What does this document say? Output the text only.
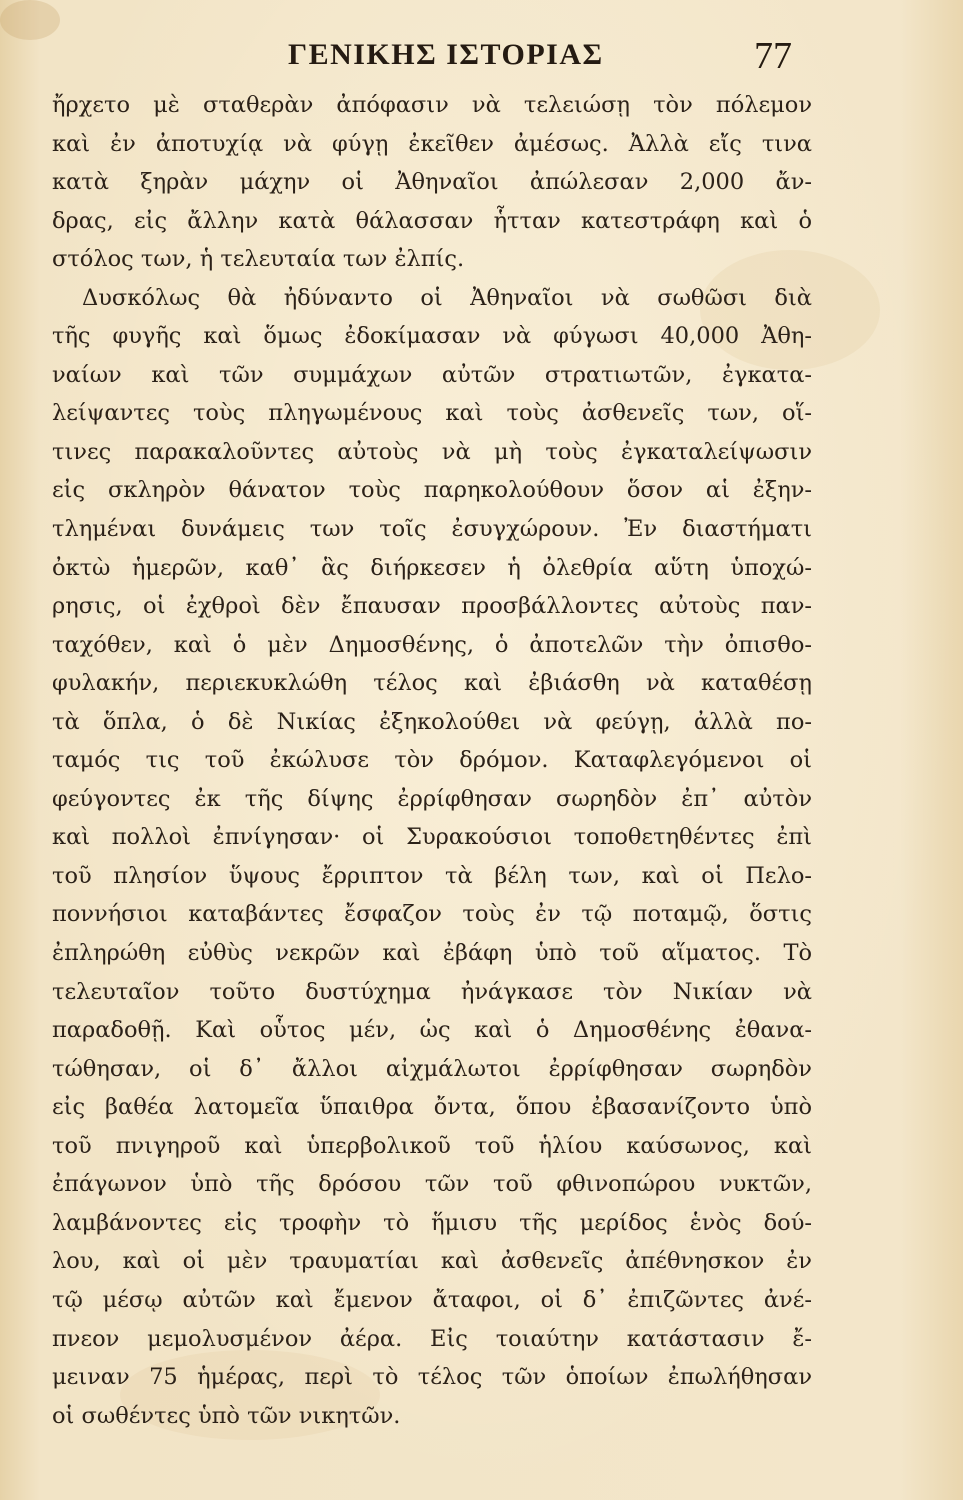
ΓΕΝΙΚΗΣ ΙΣΤΟΡΙΑΣ	77
ἤρχετο μὲ σταθερὰν ἀπόφασιν νὰ τελειώσῃ τὸν πόλεμον
καὶ ἐν ἀποτυχίᾳ νὰ φύγῃ ἐκεῖθεν ἀμέσως. Ἀλλὰ εἴς τινα
κατὰ ξηρὰν μάχην οἱ Ἀθηναῖοι ἀπώλεσαν 2,000 ἄν-
δρας, εἰς ἄλλην κατὰ θάλασσαν ἧτταν κατεστράφη καὶ ὁ
στόλος των, ἡ τελευταία των ἐλπίς.
Δυσκόλως θὰ ἠδύναντο οἱ Ἀθηναῖοι νὰ σωθῶσι διὰ
τῆς φυγῆς καὶ ὅμως ἐδοκίμασαν νὰ φύγωσι 40,000 Ἀθη-
ναίων καὶ τῶν συμμάχων αὐτῶν στρατιωτῶν, ἐγκατα-
λείψαντες τοὺς πληγωμένους καὶ τοὺς ἀσθενεῖς των, οἵ-
τινες παρακαλοῦντες αὐτοὺς νὰ μὴ τοὺς ἐγκαταλείψωσιν
εἰς σκληρὸν θάνατον τοὺς παρηκολούθουν ὅσον αἱ ἐξην-
τλημέναι δυνάμεις των τοῖς ἐσυγχώρουν. Ἐν διαστήματι
ὀκτὼ ἡμερῶν, καθ᾽ ἃς διήρκεσεν ἡ ὀλεθρία αὕτη ὑποχώ-
ρησις, οἱ ἐχθροὶ δὲν ἔπαυσαν προσβάλλοντες αὐτοὺς παν-
ταχόθεν, καὶ ὁ μὲν Δημοσθένης, ὁ ἀποτελῶν τὴν ὀπισθο-
φυλακήν, περιεκυκλώθη τέλος καὶ ἐβιάσθη νὰ καταθέσῃ
τὰ ὅπλα, ὁ δὲ Νικίας ἐξηκολούθει νὰ φεύγῃ, ἀλλὰ πο-
ταμός τις τοῦ ἐκώλυσε τὸν δρόμον. Καταφλεγόμενοι οἱ
φεύγοντες ἐκ τῆς δίψης ἐρρίφθησαν σωρηδὸν ἐπ᾽ αὐτὸν
καὶ πολλοὶ ἐπνίγησαν· οἱ Συρακούσιοι τοποθετηθέντες ἐπὶ
τοῦ πλησίον ὕψους ἔρριπτον τὰ βέλη των, καὶ οἱ Πελο-
ποννήσιοι καταβάντες ἔσφαζον τοὺς ἐν τῷ ποταμῷ, ὅστις
ἐπληρώθη εὐθὺς νεκρῶν καὶ ἐβάφη ὑπὸ τοῦ αἵματος. Τὸ
τελευταῖον τοῦτο δυστύχημα ἠνάγκασε τὸν Νικίαν νὰ
παραδοθῇ. Καὶ οὗτος μέν, ὡς καὶ ὁ Δημοσθένης ἐθανα-
τώθησαν, οἱ δ᾽ ἄλλοι αἰχμάλωτοι ἐρρίφθησαν σωρηδὸν
εἰς βαθέα λατομεῖα ὕπαιθρα ὄντα, ὅπου ἐβασανίζοντο ὑπὸ
τοῦ πνιγηροῦ καὶ ὑπερβολικοῦ τοῦ ἡλίου καύσωνος, καὶ
ἐπάγωνον ὑπὸ τῆς δρόσου τῶν τοῦ φθινοπώρου νυκτῶν,
λαμβάνοντες εἰς τροφὴν τὸ ἥμισυ τῆς μερίδος ἑνὸς δού-
λου, καὶ οἱ μὲν τραυματίαι καὶ ἀσθενεῖς ἀπέθνησκον ἐν
τῷ μέσῳ αὐτῶν καὶ ἔμενον ἄταφοι, οἱ δ᾽ ἐπιζῶντες ἀνέ-
πνεον μεμολυσμένον ἀέρα. Εἰς τοιαύτην κατάστασιν ἔ-
μειναν 75 ἡμέρας, περὶ τὸ τέλος τῶν ὁποίων ἐπωλήθησαν
οἱ σωθέντες ὑπὸ τῶν νικητῶν.
